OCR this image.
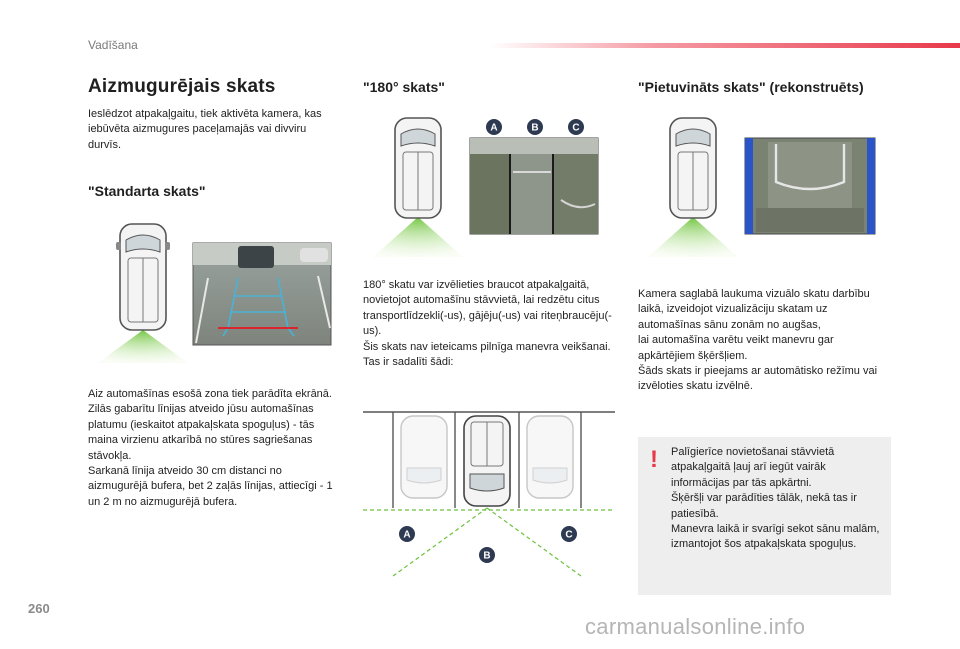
Vadīšana
Aizmugurējais skats

Ieslēdzot atpakaļgaitu, tiek aktivēta kamera, kas iebūvēta aizmugures paceļamajās vai divviru durvīs.

"Standarta skats"

Aiz automašīnas esošā zona tiek parādīta ekrānā.
Zilās gabarītu līnijas atveido jūsu automašīnas platumu (ieskaitot atpakaļskata spoguļus) - tās maina virzienu atkarībā no stūres sagriešanas stāvokļa.
Sarkanā līnija atveido 30 cm distanci no aizmugurējā bufera, bet 2 zaļās līnijas, attiecīgi - 1 un 2 m no aizmugurējā bufera.

"180° skats"
A	B	C

180° skatu var izvēlieties braucot atpakaļgaitā, novietojot automašīnu stāvvietā, lai redzētu citus transportlīdzekli(-us), gājēju(-us) vai riteņbraucēju(-us).
Šis skats nav ieteicams pilnīga manevra veikšanai.
Tas ir sadalīti šādi:

A
B
C
"Pietuvināts skats" (rekonstruēts)

Kamera saglabā laukuma vizuālo skatu darbību laikā, izveidojot vizualizāciju skatam uz automašīnas sānu zonām no augšas,
lai automašīna varētu veikt manevru gar apkārtējiem šķēršļiem.
Šāds skats ir pieejams ar automātisko režīmu vai izvēloties skatu izvēlnē.

! Palīgierīce novietošanai stāvvietā atpakaļgaitā ļauj arī iegūt vairāk informācijas par tās apkārtni.
Šķēršļi var parādīties tālāk, nekā tas ir patiesībā.
Manevra laikā ir svarīgi sekot sānu malām, izmantojot šos atpakaļskata spoguļus.

260
carmanualsonline.info
